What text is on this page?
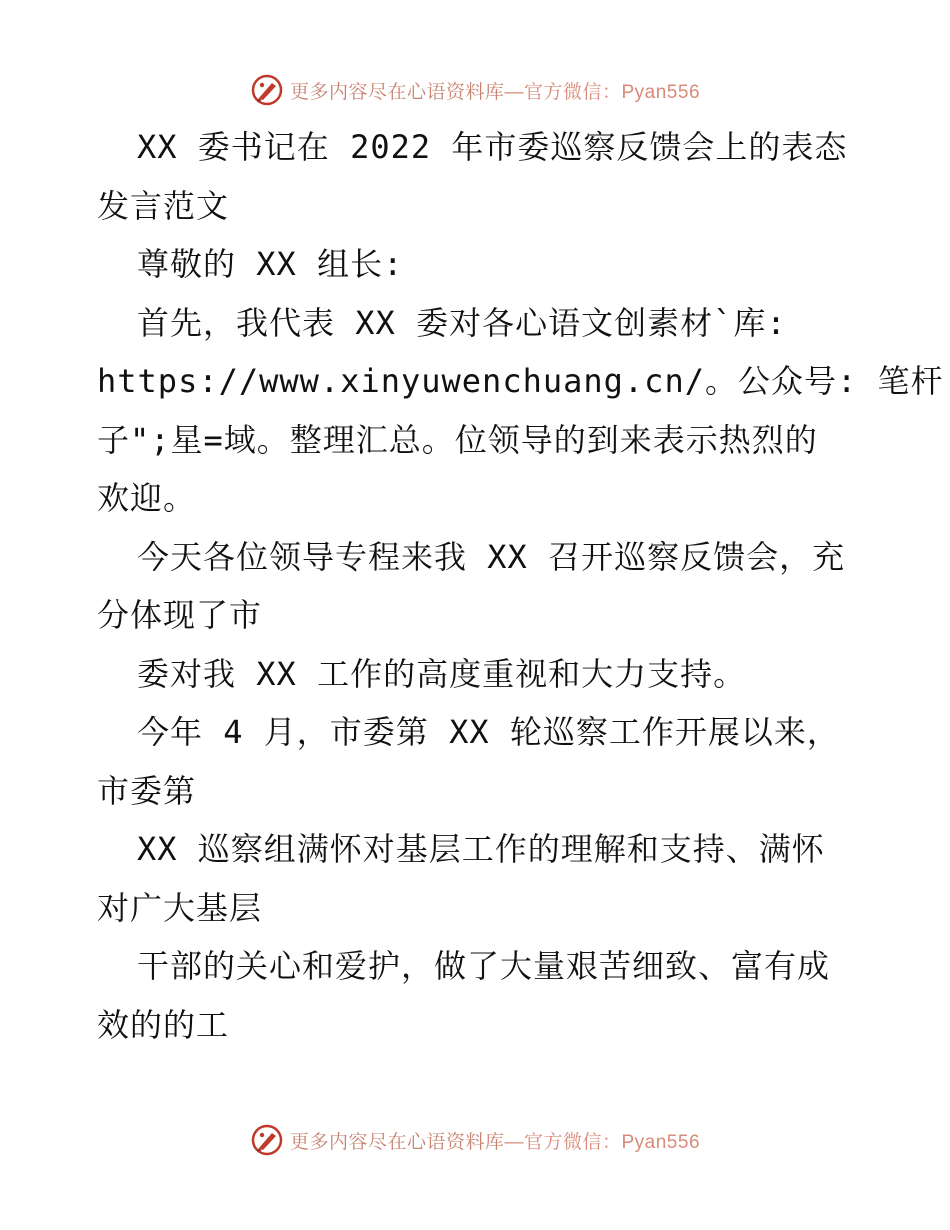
更多内容尽在心语资料库—官方微信：Pyan556
XX 委书记在 2022 年市委巡察反馈会上的表态
发言范文
尊敬的 XX 组长:
首先，我代表 XX 委对各心语文创素材`库:
https://www.xinyuwenchuang.cn/。公众号: 笔杆
子";星=域。整理汇总。位领导的到来表示热烈的
欢迎。
今天各位领导专程来我 XX 召开巡察反馈会，充
分体现了市
委对我 XX 工作的高度重视和大力支持。
今年 4 月，市委第 XX 轮巡察工作开展以来，
市委第
XX 巡察组满怀对基层工作的理解和支持、满怀
对广大基层
干部的关心和爱护，做了大量艰苦细致、富有成
效的的工
更多内容尽在心语资料库—官方微信：Pyan556
